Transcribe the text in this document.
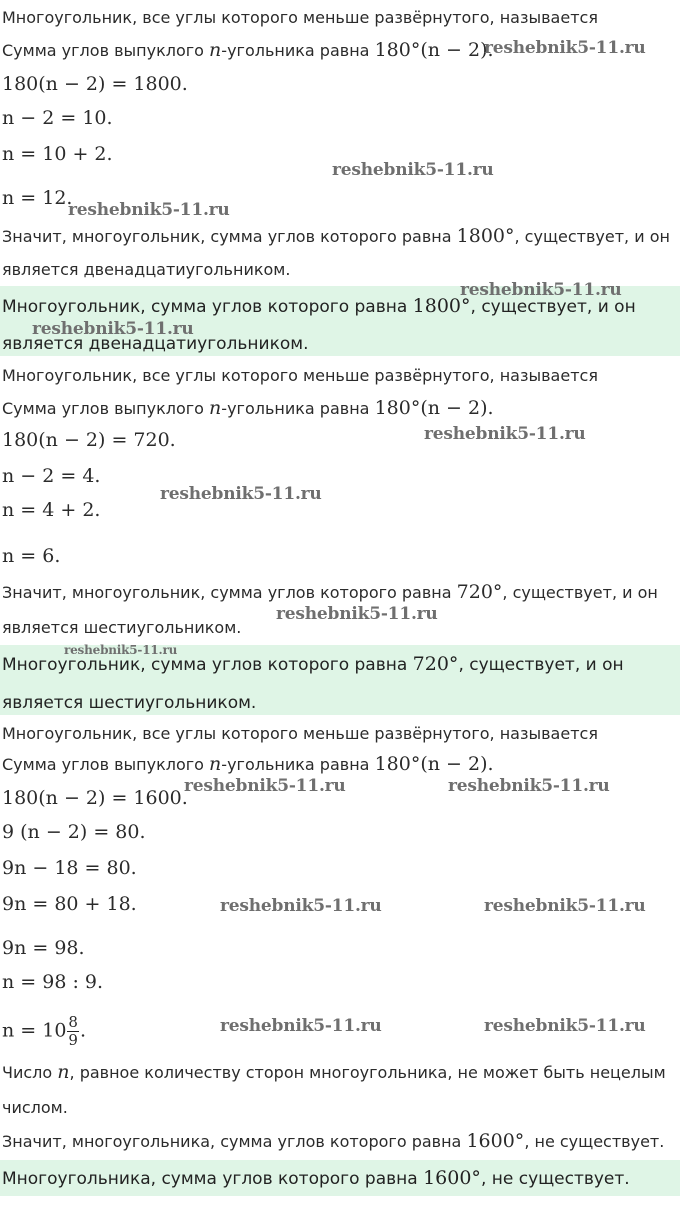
Многоугольник, все углы которого меньше развёрнутого, называется
Сумма углов выпуклого n-угольника равна 180°(n − 2).
180(n − 2) = 1800.
n − 2 = 10.
n = 10 + 2.
n = 12.
Значит, многоугольник, сумма углов которого равна 1800°, существует, и он
является двенадцатиугольником.
Многоугольник, сумма углов которого равна 1800°, существует, и он
является двенадцатиугольником.
Многоугольник, все углы которого меньше развёрнутого, называется
Сумма углов выпуклого n-угольника равна 180°(n − 2).
180(n − 2) = 720.
n − 2 = 4.
n = 4 + 2.
n = 6.
Значит, многоугольник, сумма углов которого равна 720°, существует, и он
является шестиугольником.
Многоугольник, сумма углов которого равна 720°, существует, и он
является шестиугольником.
Многоугольник, все углы которого меньше развёрнутого, называется
Сумма углов выпуклого n-угольника равна 180°(n − 2).
180(n − 2) = 1600.
9 (n − 2) = 80.
9n − 18 = 80.
9n = 80 + 18.
9n = 98.
n = 98 : 9.
$n = 10 \frac{8}{9}$ .
Число n, равное количеству сторон многоугольника, не может быть нецелым
числом.
Значит, многоугольника, сумма углов которого равна 1600°, не существует.
Многоугольника, сумма углов которого равна 1600°, не существует.
reshebnik5-11.ru
reshebnik5-11.ru
reshebnik5-11.ru
reshebnik5-11.ru
reshebnik5-11.ru
reshebnik5-11.ru
reshebnik5-11.ru
reshebnik5-11.ru
reshebnik5-11.ru
reshebnik5-11.ru	reshebnik5-11.ru
reshebnik5-11.ru	reshebnik5-11.ru
reshebnik5-11.ru	reshebnik5-11.ru
